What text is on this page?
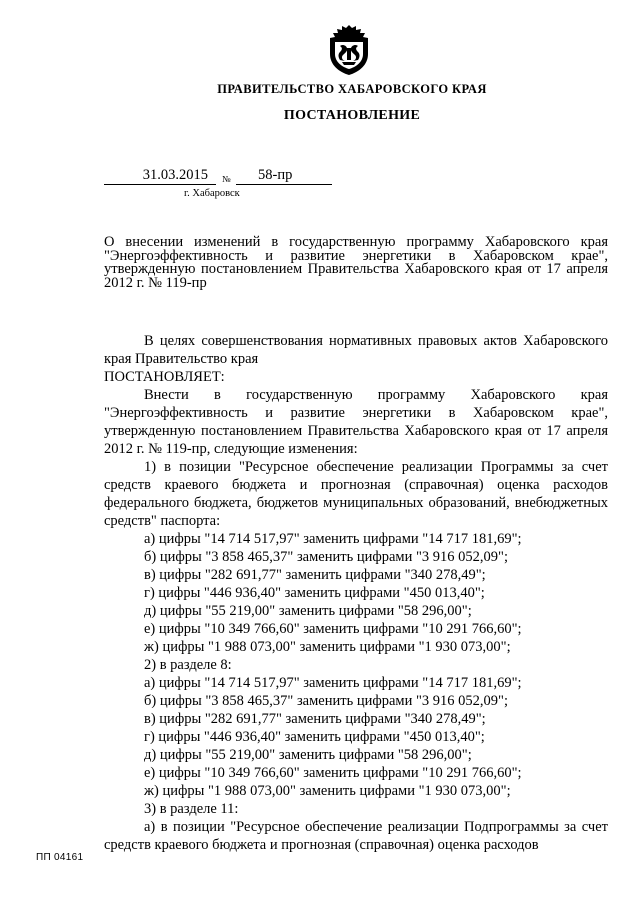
ПРАВИТЕЛЬСТВО ХАБАРОВСКОГО КРАЯ
ПОСТАНОВЛЕНИЕ
31.03.2015	№	58-пр
г. Хабаровск
О внесении изменений в государственную программу Хабаровского края "Энергоэффективность и развитие энергетики в Хабаровском крае", утвержденную постановлением Правительства Хабаровского края от 17 апреля 2012 г. № 119-пр

В целях совершенствования нормативных правовых актов Хабаровского края Правительство края

ПОСТАНОВЛЯЕТ:

Внести в государственную программу Хабаровского края "Энергоэффективность и развитие энергетики в Хабаровском крае", утвержденную постановлением Правительства Хабаровского края от 17 апреля 2012 г. № 119-пр, следующие изменения:

1) в позиции "Ресурсное обеспечение реализации Программы за счет средств краевого бюджета и прогнозная (справочная) оценка расходов федерального бюджета, бюджетов муниципальных образований, внебюджетных средств" паспорта:

а) цифры "14 714 517,97" заменить цифрами "14 717 181,69";
б) цифры "3 858 465,37" заменить цифрами "3 916 052,09";
в) цифры "282 691,77" заменить цифрами "340 278,49";
г) цифры "446 936,40" заменить цифрами "450 013,40";
д) цифры "55 219,00" заменить цифрами "58 296,00";
е) цифры "10 349 766,60" заменить цифрами "10 291 766,60";
ж) цифры "1 988 073,00" заменить цифрами "1 930 073,00";

2) в разделе 8:

а) цифры "14 714 517,97" заменить цифрами "14 717 181,69";
б) цифры "3 858 465,37" заменить цифрами "3 916 052,09";
в) цифры "282 691,77" заменить цифрами "340 278,49";
г) цифры "446 936,40" заменить цифрами "450 013,40";
д) цифры "55 219,00" заменить цифрами "58 296,00";
е) цифры "10 349 766,60" заменить цифрами "10 291 766,60";
ж) цифры "1 988 073,00" заменить цифрами "1 930 073,00";

3) в разделе 11:

а) в позиции "Ресурсное обеспечение реализации Подпрограммы за счет средств краевого бюджета и прогнозная (справочная) оценка расходов

ПП 04161
